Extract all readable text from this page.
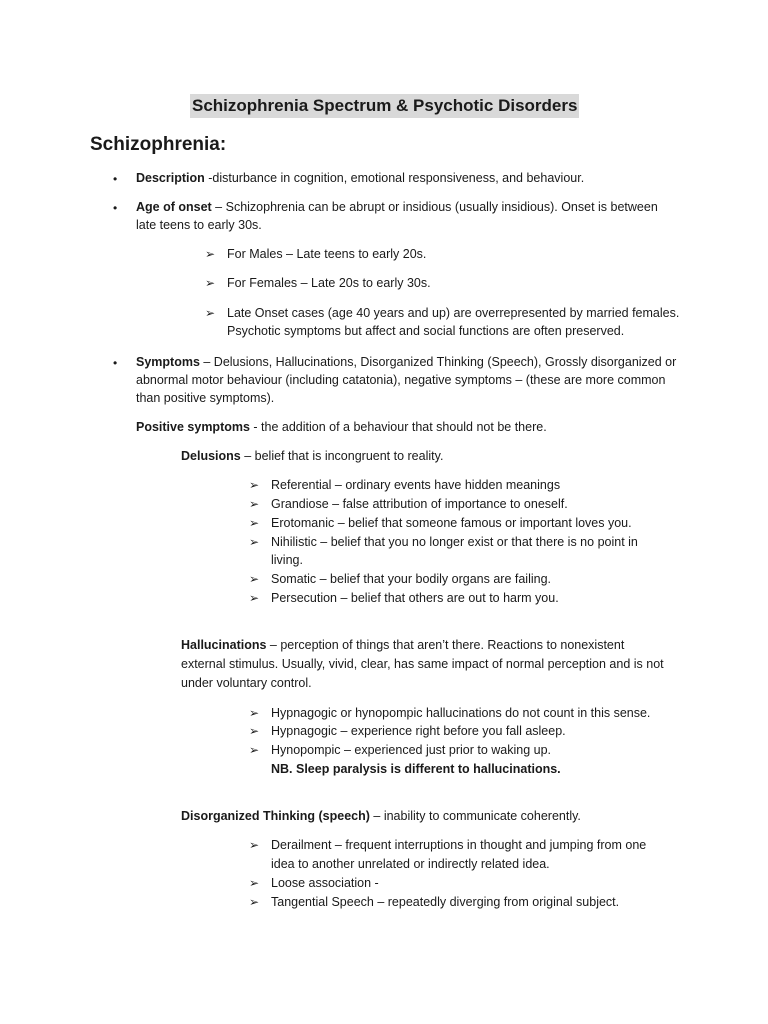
Schizophrenia Spectrum & Psychotic Disorders
Schizophrenia:
• Description -disturbance in cognition, emotional responsiveness, and behaviour.
• Age of onset – Schizophrenia can be abrupt or insidious (usually insidious). Onset is between
late teens to early 30s.
➢ For Males – Late teens to early 20s.
➢ For Females – Late 20s to early 30s.
➢ Late Onset cases (age 40 years and up) are overrepresented by married females.
Psychotic symptoms but affect and social functions are often preserved.
• Symptoms – Delusions, Hallucinations, Disorganized Thinking (Speech), Grossly disorganized or
abnormal motor behaviour (including catatonia), negative symptoms – (these are more common
than positive symptoms).
Positive symptoms - the addition of a behaviour that should not be there.
Delusions – belief that is incongruent to reality.
➢ Referential – ordinary events have hidden meanings
➢ Grandiose – false attribution of importance to oneself.
➢ Erotomanic – belief that someone famous or important loves you.
➢ Nihilistic – belief that you no longer exist or that there is no point in
living.
➢ Somatic – belief that your bodily organs are failing.
➢ Persecution – belief that others are out to harm you.
Hallucinations – perception of things that aren’t there. Reactions to nonexistent
external stimulus. Usually, vivid, clear, has same impact of normal perception and is not
under voluntary control.
➢ Hypnagogic or hynopompic hallucinations do not count in this sense.
➢ Hypnagogic – experience right before you fall asleep.
➢ Hynopompic – experienced just prior to waking up.
NB. Sleep paralysis is different to hallucinations.
Disorganized Thinking (speech) – inability to communicate coherently.
➢ Derailment – frequent interruptions in thought and jumping from one
idea to another unrelated or indirectly related idea.
➢ Loose association -
➢ Tangential Speech – repeatedly diverging from original subject.
